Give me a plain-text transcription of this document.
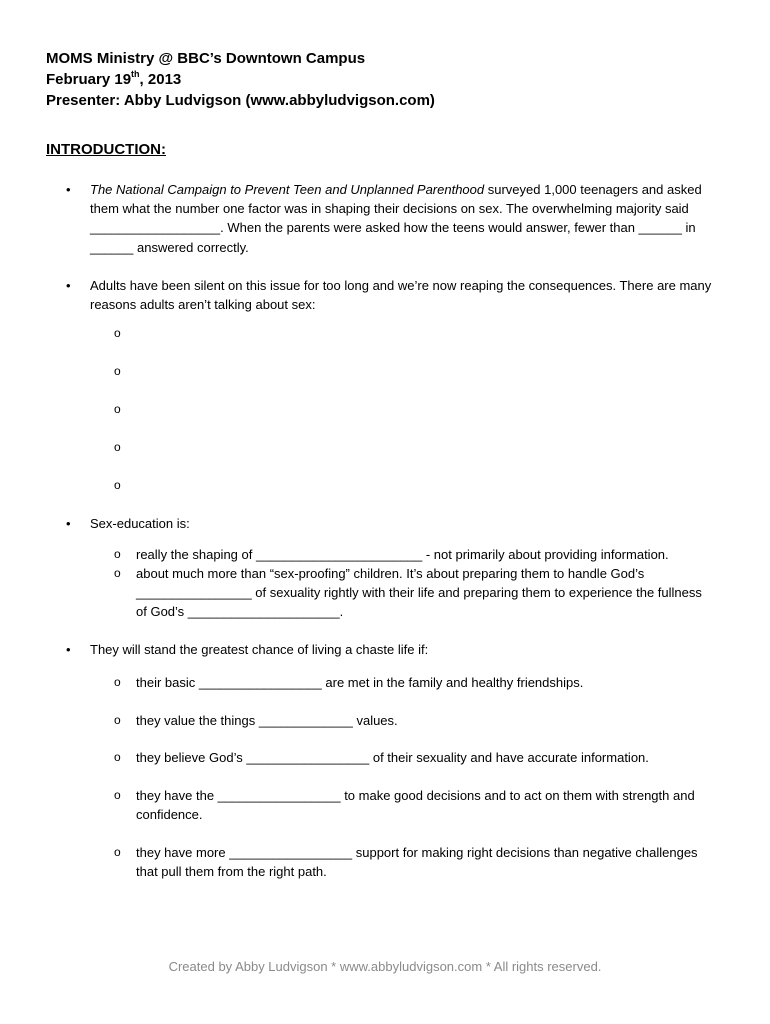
MOMS Ministry @ BBC’s Downtown Campus
February 19th, 2013
Presenter: Abby Ludvigson (www.abbyludvigson.com)
INTRODUCTION:
• The National Campaign to Prevent Teen and Unplanned Parenthood surveyed 1,000 teenagers and asked them what the number one factor was in shaping their decisions on sex. The overwhelming majority said __________________. When the parents were asked how the teens would answer, fewer than ______ in ______ answered correctly.
• Adults have been silent on this issue for too long and we’re now reaping the consequences. There are many reasons adults aren’t talking about sex:
o
o
o
o
o
• Sex-education is:
o really the shaping of _______________________ - not primarily about providing information.
o about much more than “sex-proofing” children. It’s about preparing them to handle God’s ________________ of sexuality rightly with their life and preparing them to experience the fullness of God’s _____________________.
• They will stand the greatest chance of living a chaste life if:
o their basic _________________ are met in the family and healthy friendships.
o they value the things _____________ values.
o they believe God’s _________________ of their sexuality and have accurate information.
o they have the _________________ to make good decisions and to act on them with strength and confidence.
o they have more _________________ support for making right decisions than negative challenges that pull them from the right path.
Created by Abby Ludvigson * www.abbyludvigson.com * All rights reserved.
